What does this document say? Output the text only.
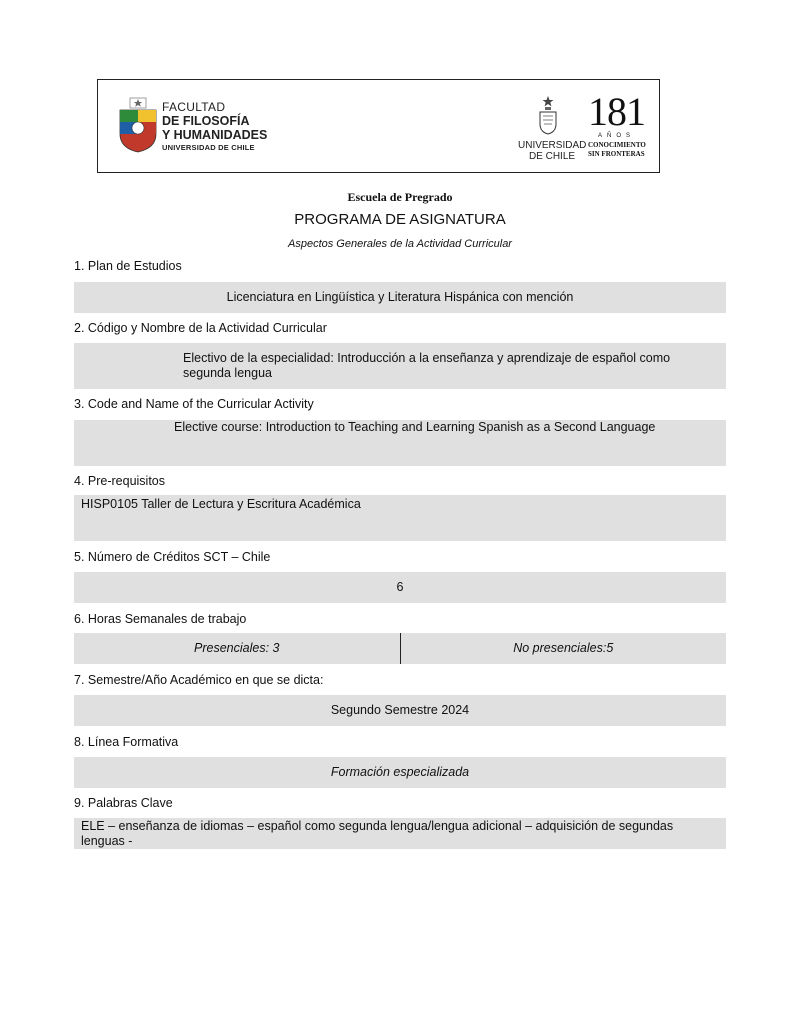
FACULTAD
DE FILOSOFÍA
Y HUMANIDADES
UNIVERSIDAD DE CHILE	UNIVERSIDAD
DE CHILE
181
AÑOS
CONOCIMIENTO
SIN FRONTERAS
Escuela de Pregrado
PROGRAMA DE ASIGNATURA
Aspectos Generales de la Actividad Curricular
1. Plan de Estudios
Licenciatura en Lingüística y Literatura Hispánica con mención
2. Código y Nombre de la Actividad Curricular
Electivo de la especialidad: Introducción a la enseñanza y aprendizaje de español como segunda lengua
3. Code and Name of the Curricular Activity
Elective course: Introduction to Teaching and Learning Spanish as a Second Language
4. Pre-requisitos
HISP0105 Taller de Lectura y Escritura Académica
5. Número de Créditos SCT – Chile
6
6. Horas Semanales de trabajo
Presenciales: 3	No presenciales:5
7. Semestre/Año Académico en que se dicta:
Segundo Semestre 2024
8. Línea Formativa
Formación especializada
9. Palabras Clave
ELE – enseñanza de idiomas – español como segunda lengua/lengua adicional – adquisición de segundas lenguas -
